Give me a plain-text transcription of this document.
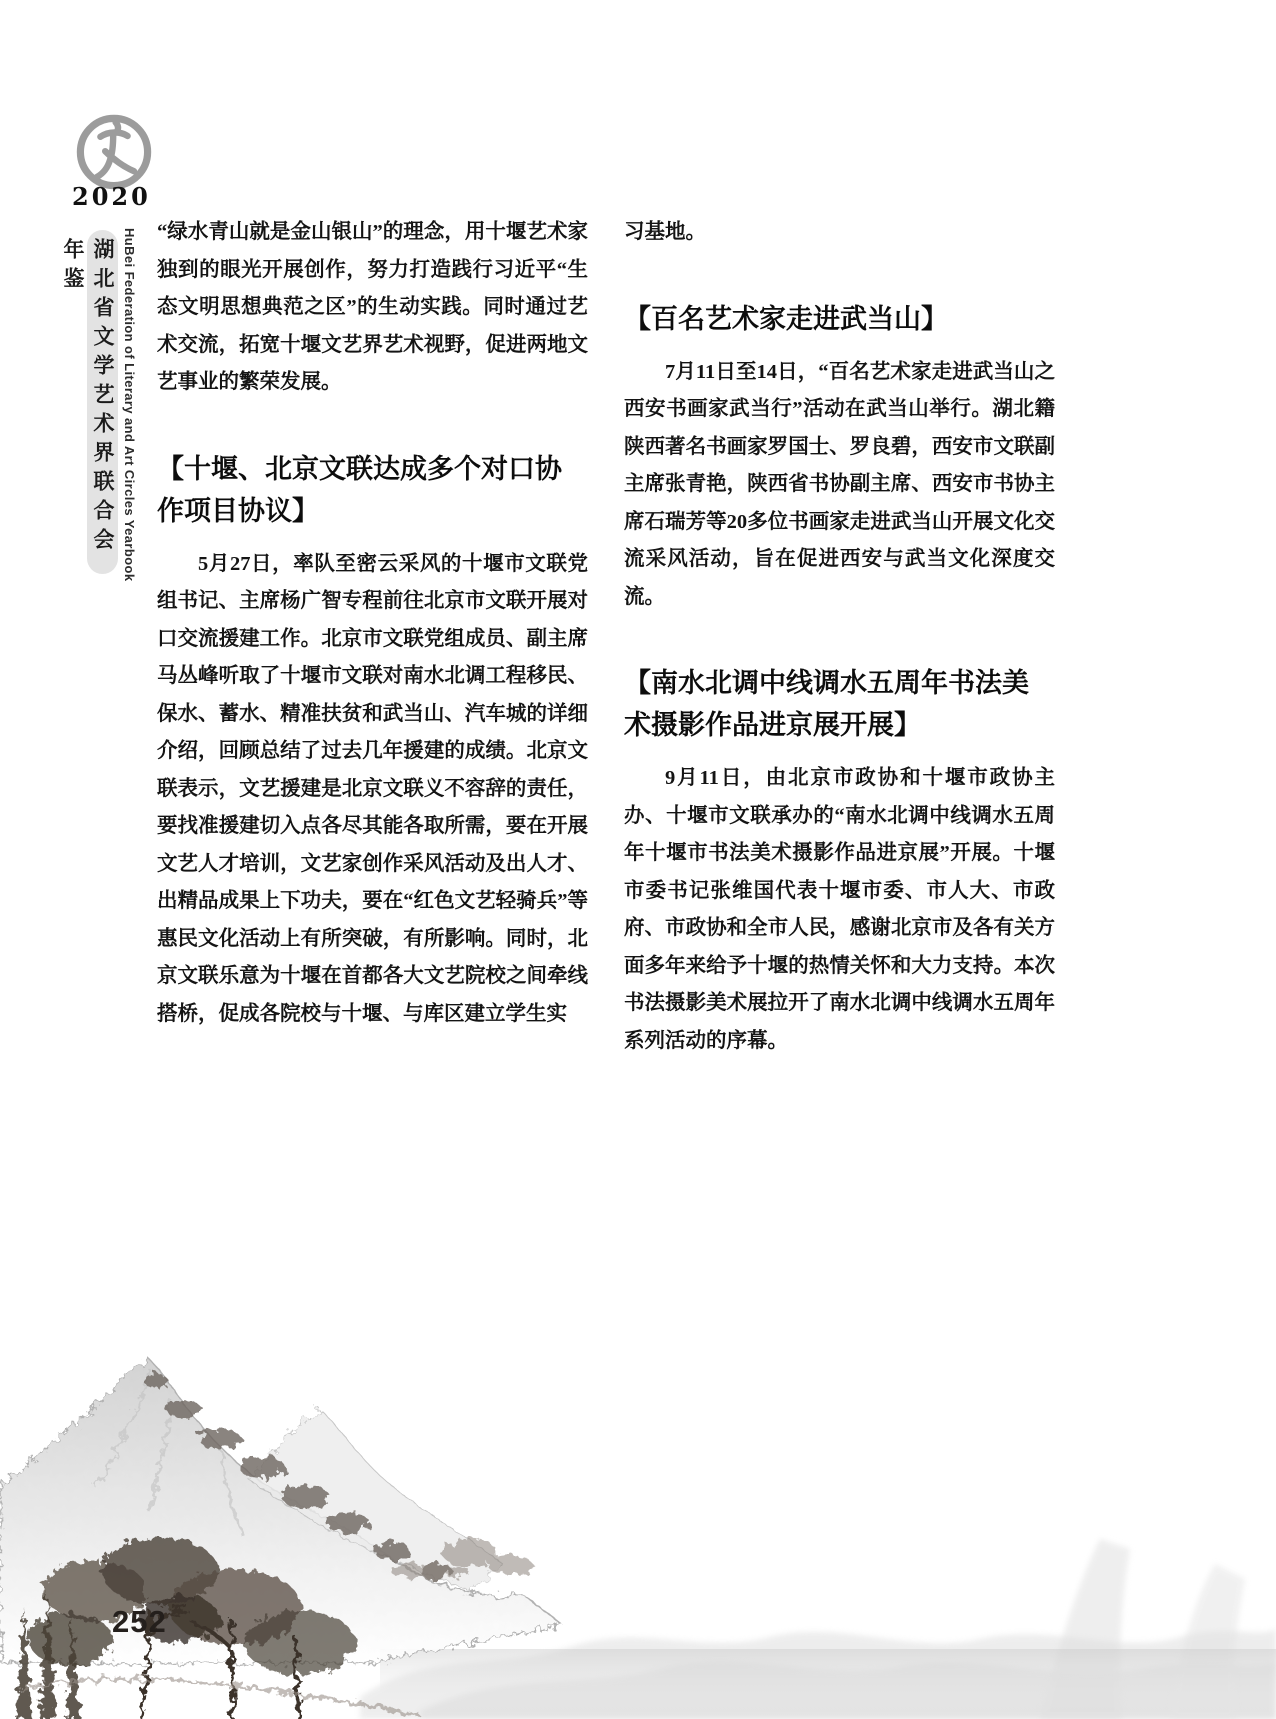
2020
湖北省文学艺术界联合会年鉴	HuBei Federation of Literary and Art Circles Yearbook “绿水青山就是金山银山”的理念，用十堰艺术家独到的眼光开展创作，努力打造践行习近平“生态文明思想典范之区”的生动实践。同时通过艺术交流，拓宽十堰文艺界艺术视野，促进两地文艺事业的繁荣发展。

【十堰、北京文联达成多个对口协作项目协议】

5月27日，率队至密云采风的十堰市文联党组书记、主席杨广智专程前往北京市文联开展对口交流援建工作。北京市文联党组成员、副主席马丛峰听取了十堰市文联对南水北调工程移民、保水、蓄水、精准扶贫和武当山、汽车城的详细介绍，回顾总结了过去几年援建的成绩。北京文联表示，文艺援建是北京文联义不容辞的责任，要找准援建切入点各尽其能各取所需，要在开展文艺人才培训，文艺家创作采风活动及出人才、出精品成果上下功夫，要在“红色文艺轻骑兵”等惠民文化活动上有所突破，有所影响。同时，北京文联乐意为十堰在首都各大文艺院校之间牵线搭桥，促成各院校与十堰、与库区建立学生实

习基地。

【百名艺术家走进武当山】

7月11日至14日，“百名艺术家走进武当山之西安书画家武当行”活动在武当山举行。湖北籍陕西著名书画家罗国士、罗良碧，西安市文联副主席张青艳，陕西省书协副主席、西安市书协主席石瑞芳等20多位书画家走进武当山开展文化交流采风活动，旨在促进西安与武当文化深度交流。

【南水北调中线调水五周年书法美术摄影作品进京展开展】

9月11日，由北京市政协和十堰市政协主办、十堰市文联承办的“南水北调中线调水五周年十堰市书法美术摄影作品进京展”开展。十堰市委书记张维国代表十堰市委、市人大、市政府、市政协和全市人民，感谢北京市及各有关方面多年来给予十堰的热情关怀和大力支持。本次书法摄影美术展拉开了南水北调中线调水五周年系列活动的序幕。

252
